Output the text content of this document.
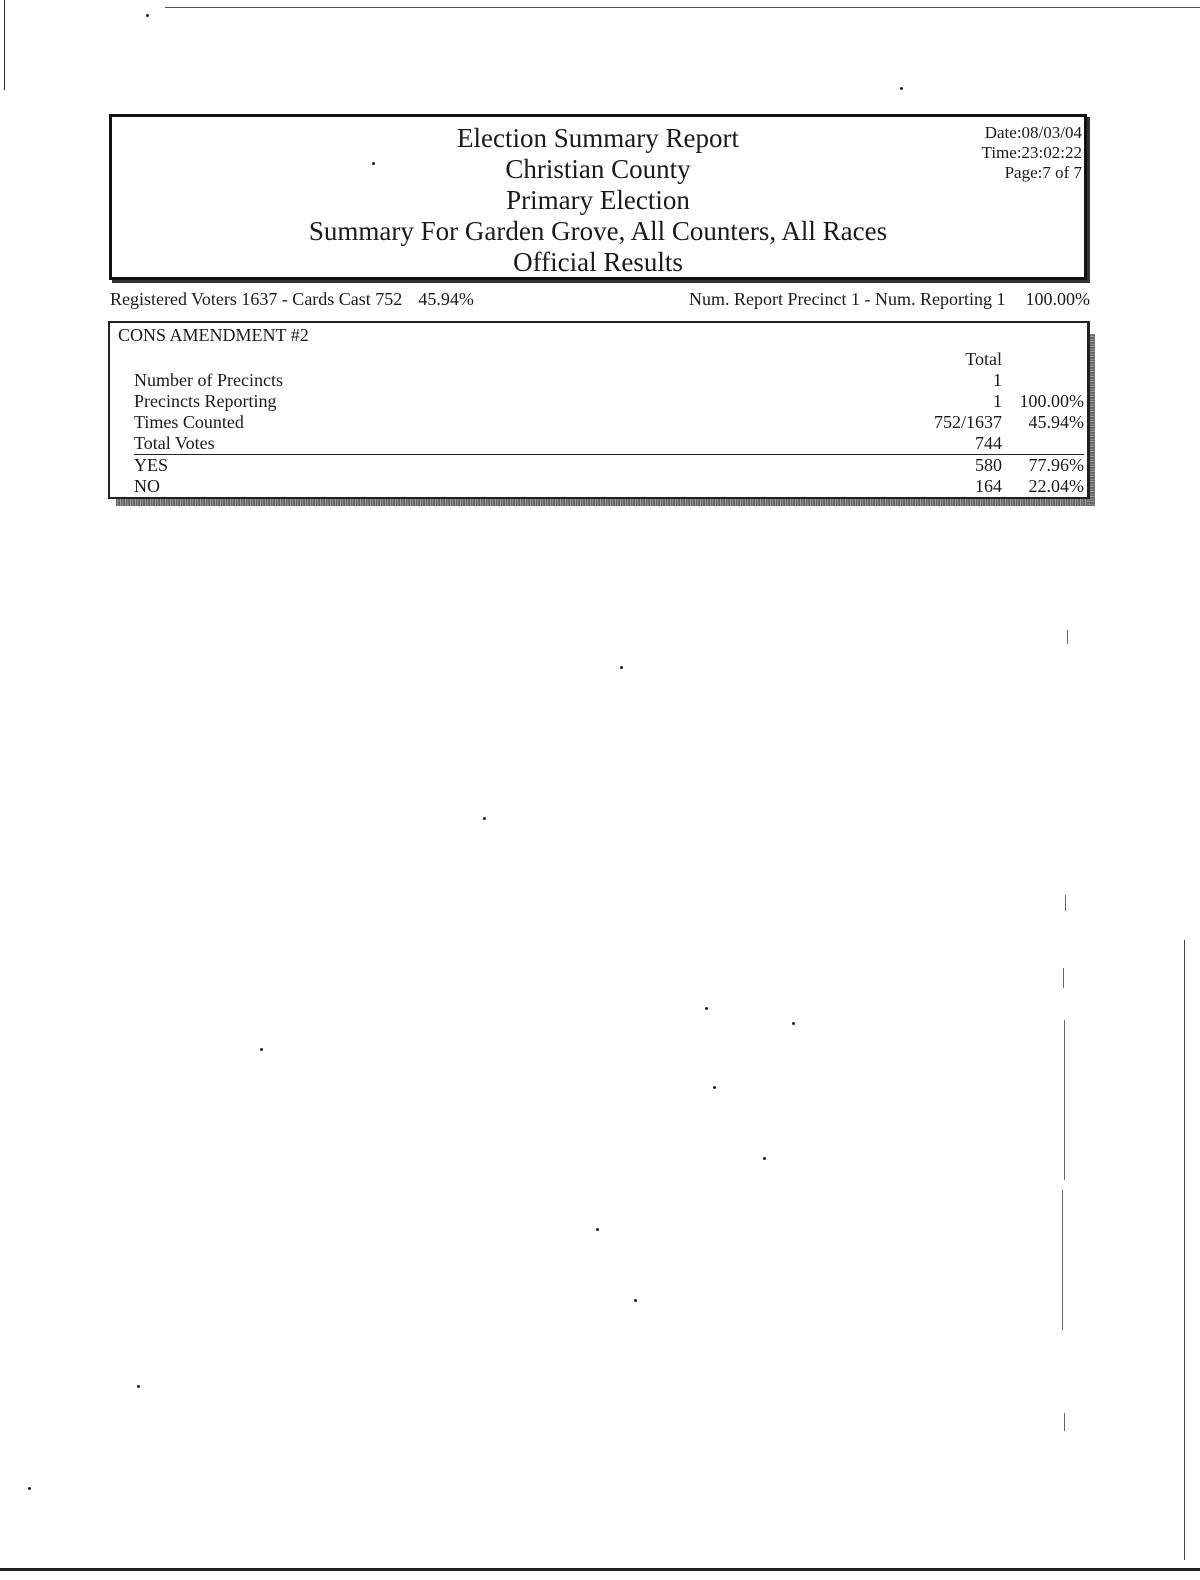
Election Summary Report
Christian County
Primary Election
Summary For Garden Grove, All Counters, All Races
Official Results
Date:08/03/04
Time:23:02:22
Page:7 of 7
Registered Voters 1637 - Cards Cast 752 45.94%	Num. Report Precinct 1 - Num. Reporting 1 100.00%
CONS AMENDMENT #2
	Total	
Number of Precincts	1	
Precincts Reporting	1	100.00%
Times Counted	752/1637	45.94%
Total Votes	744	
YES	580	77.96%
NO	164	22.04%
